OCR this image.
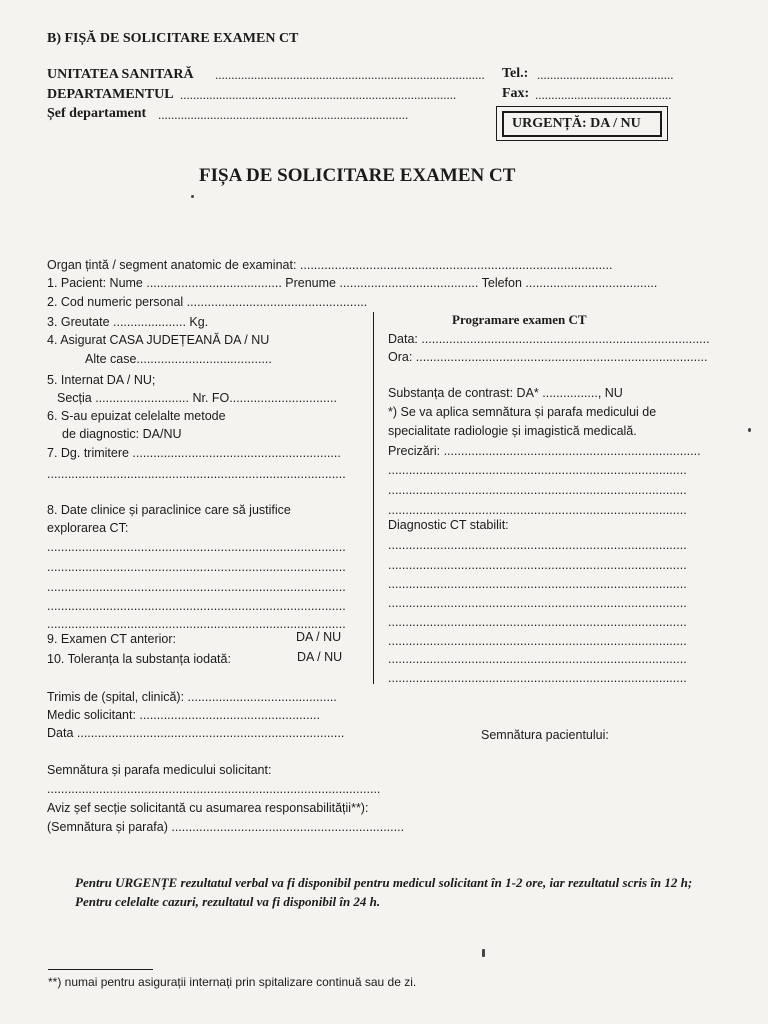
B) FIȘĂ DE SOLICITARE EXAMEN CT
UNITATEA SANITARĂ ................................................................................... Tel.: ..........................................
DEPARTAMENTUL .....................................................................................	Fax: ..........................................
Șef departament .............................................................................
URGENȚĂ: DA / NU
FIȘA DE SOLICITARE EXAMEN CT
Organ țintă / segment anatomic de examinat: ..........................................................................................
1. Pacient: Nume ....................................... Prenume ........................................ Telefon ......................................
2. Cod numeric personal ....................................................
3. Greutate ..................... Kg.
4. Asigurat CASA JUDEȚEANĂ DA / NU
Alte case.......................................
5. Internat DA / NU;
Secția ........................... Nr. FO...............................
6. S-au epuizat celelalte metode
de diagnostic: DA/NU
7. Dg. trimitere ............................................................
......................................................................................
8. Date clinice și paraclinice care să justifice
explorarea CT:
......................................................................................
......................................................................................
......................................................................................
......................................................................................
......................................................................................
9. Examen CT anterior:	DA / NU
10. Toleranța la substanța iodată:	DA / NU
Trimis de (spital, clinică): ...........................................
Medic solicitant: ....................................................
Data .............................................................................
Semnătura și parafa medicului solicitant:
................................................................................................
Aviz șef secție solicitantă cu asumarea responsabilității**):
(Semnătura și parafa) ...................................................................
Programare examen CT
Data: ...................................................................................
Ora: ....................................................................................
Substanța de contrast: DA* ................, NU
*) Se va aplica semnătura și parafa medicului de
specialitate radiologie și imagistică medicală.
Precizări: ..........................................................................
......................................................................................
......................................................................................
......................................................................................
Diagnostic CT stabilit:
......................................................................................
......................................................................................
......................................................................................
......................................................................................
......................................................................................
......................................................................................
......................................................................................
......................................................................................
Semnătura pacientului:
Pentru URGENȚE rezultatul verbal va fi disponibil pentru medicul solicitant în 1-2 ore, iar rezultatul scris în 12 h; Pentru celelalte cazuri, rezultatul va fi disponibil în 24 h.
**) numai pentru asigurații internați prin spitalizare continuă sau de zi.
